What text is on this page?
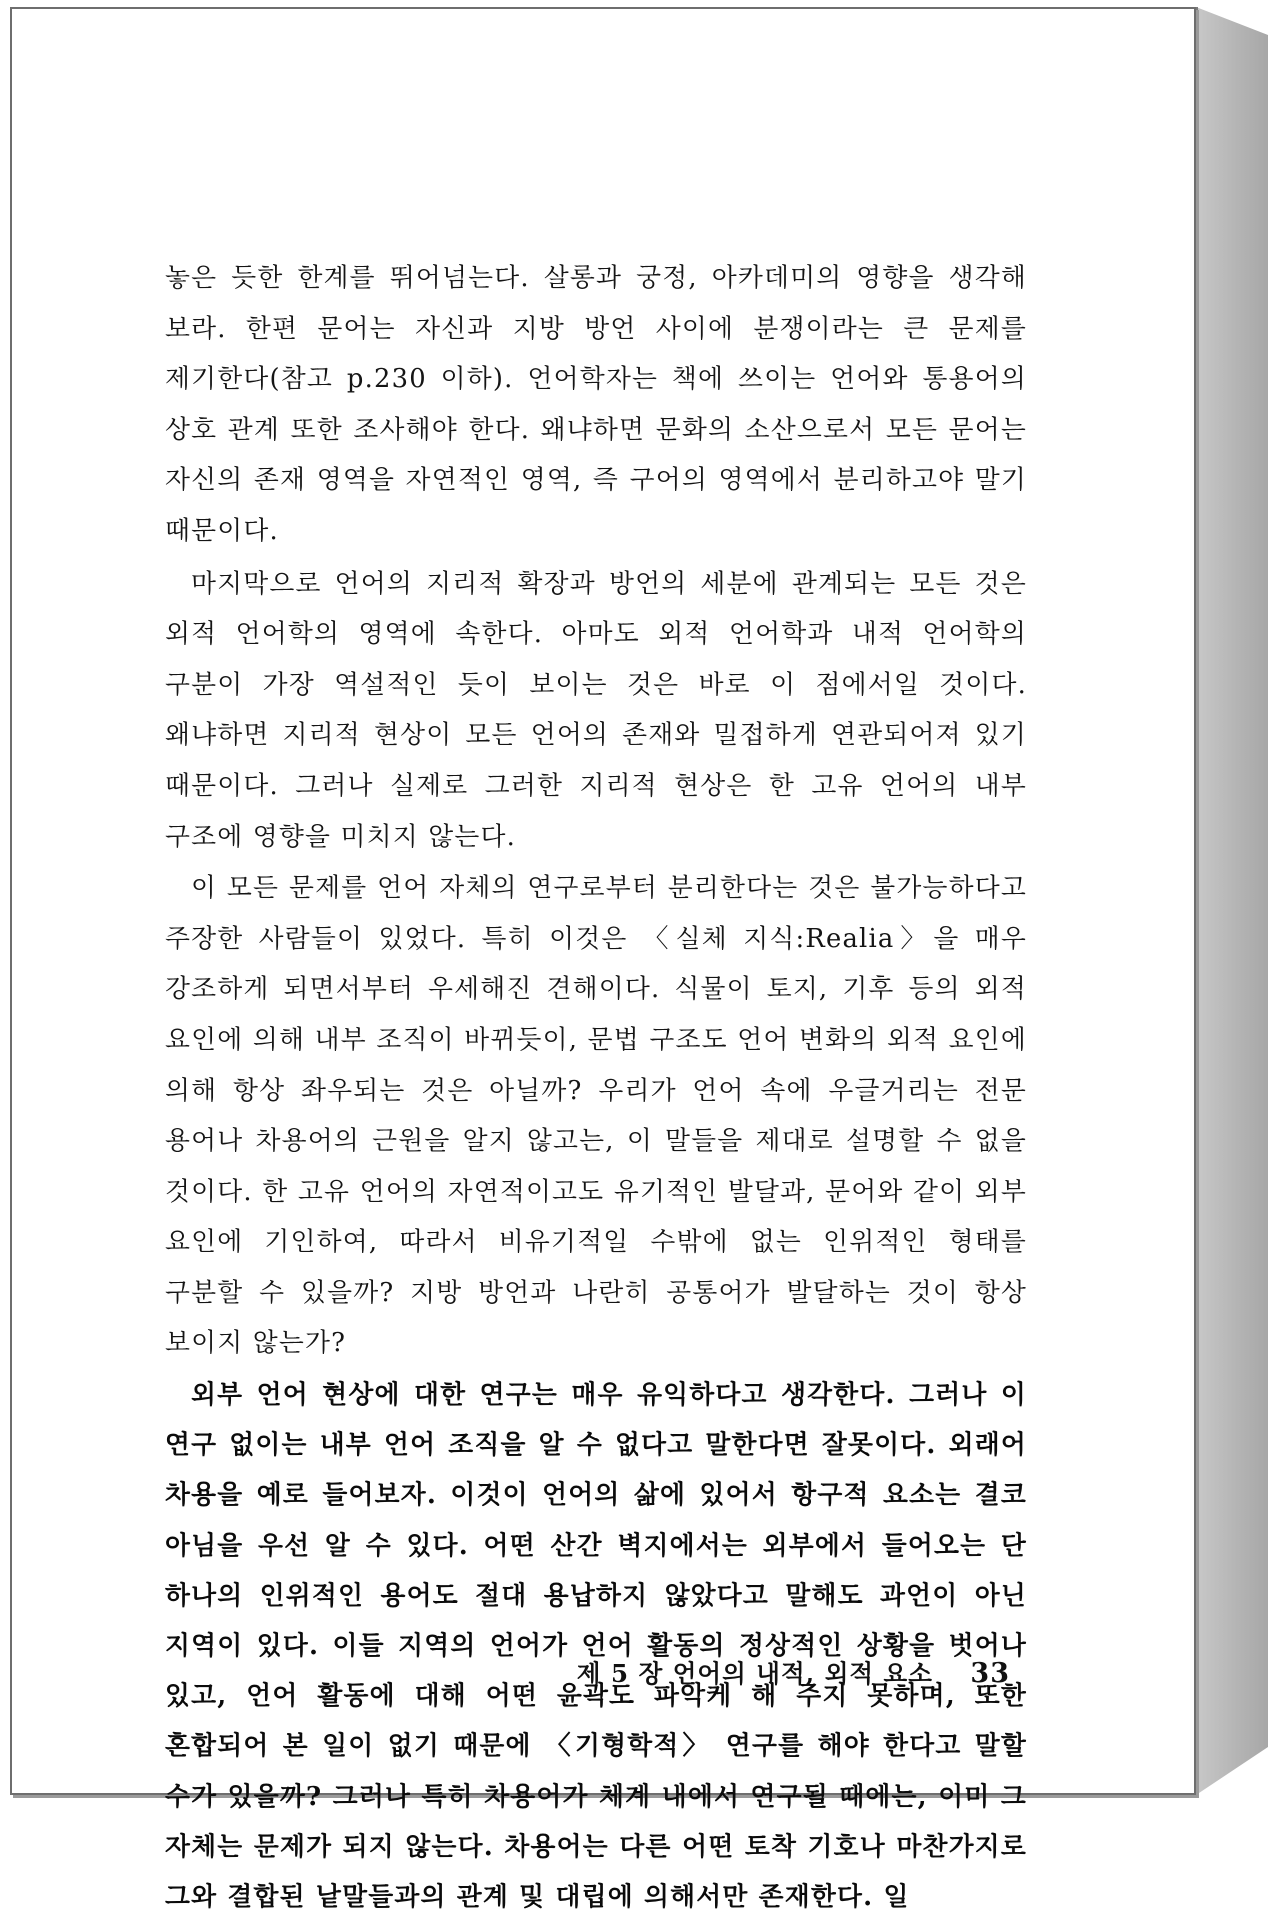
놓은 듯한 한계를 뛰어넘는다. 살롱과 궁정, 아카데미의 영향을 생각해 보라. 한편 문어는 자신과 지방 방언 사이에 분쟁이라는 큰 문제를 제기한다(참고 p.230 이하). 언어학자는 책에 쓰이는 언어와 통용어의 상호 관계 또한 조사해야 한다. 왜냐하면 문화의 소산으로서 모든 문어는 자신의 존재 영역을 자연적인 영역, 즉 구어의 영역에서 분리하고야 말기 때문이다.

마지막으로 언어의 지리적 확장과 방언의 세분에 관계되는 모든 것은 외적 언어학의 영역에 속한다. 아마도 외적 언어학과 내적 언어학의 구분이 가장 역설적인 듯이 보이는 것은 바로 이 점에서일 것이다. 왜냐하면 지리적 현상이 모든 언어의 존재와 밀접하게 연관되어져 있기 때문이다. 그러나 실제로 그러한 지리적 현상은 한 고유 언어의 내부 구조에 영향을 미치지 않는다.

이 모든 문제를 언어 자체의 연구로부터 분리한다는 것은 불가능하다고 주장한 사람들이 있었다. 특히 이것은 〈실체 지식:Realia〉을 매우 강조하게 되면서부터 우세해진 견해이다. 식물이 토지, 기후 등의 외적 요인에 의해 내부 조직이 바뀌듯이, 문법 구조도 언어 변화의 외적 요인에 의해 항상 좌우되는 것은 아닐까? 우리가 언어 속에 우글거리는 전문 용어나 차용어의 근원을 알지 않고는, 이 말들을 제대로 설명할 수 없을 것이다. 한 고유 언어의 자연적이고도 유기적인 발달과, 문어와 같이 외부 요인에 기인하여, 따라서 비유기적일 수밖에 없는 인위적인 형태를 구분할 수 있을까? 지방 방언과 나란히 공통어가 발달하는 것이 항상 보이지 않는가?

외부 언어 현상에 대한 연구는 매우 유익하다고 생각한다. 그러나 이 연구 없이는 내부 언어 조직을 알 수 없다고 말한다면 잘못이다. 외래어 차용을 예로 들어보자. 이것이 언어의 삶에 있어서 항구적 요소는 결코 아님을 우선 알 수 있다. 어떤 산간 벽지에서는 외부에서 들어오는 단 하나의 인위적인 용어도 절대 용납하지 않았다고 말해도 과언이 아닌 지역이 있다. 이들 지역의 언어가 언어 활동의 정상적인 상황을 벗어나 있고, 언어 활동에 대해 어떤 윤곽도 파악케 해 주지 못하며, 또한 혼합되어 본 일이 없기 때문에 〈기형학적〉 연구를 해야 한다고 말할 수가 있을까? 그러나 특히 차용어가 체계 내에서 연구될 때에는, 이미 그 자체는 문제가 되지 않는다. 차용어는 다른 어떤 토착 기호나 마찬가지로 그와 결합된 낱말들과의 관계 및 대립에 의해서만 존재한다. 일

제 5 장 언어의 내적, 외적 요소 33
